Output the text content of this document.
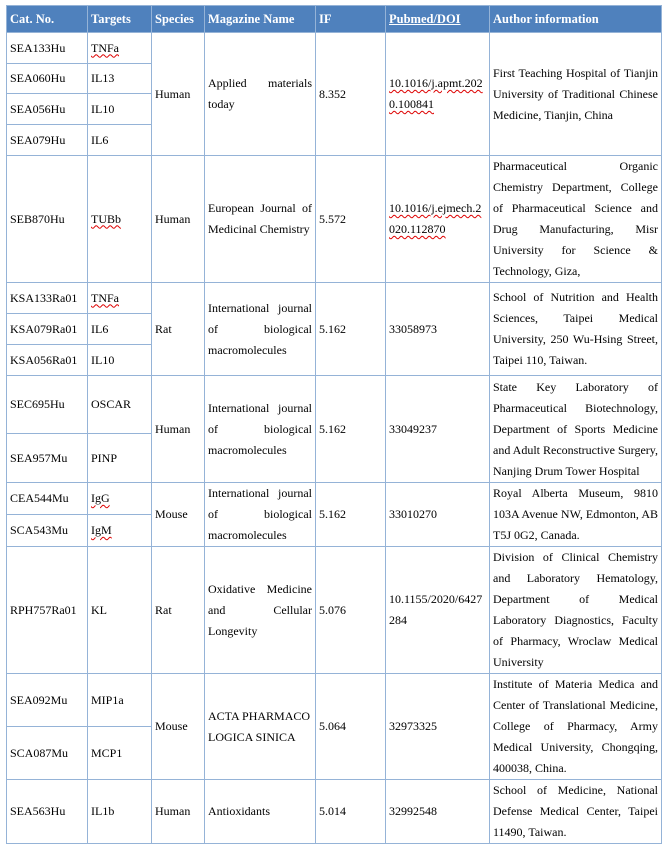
Cat. No.	Targets	Species	Magazine Name	IF	Pubmed/DOI	Author information
SEA133Hu	TNFa	Human	Applied materials today	8.352	10.1016/j.apmt.2020.100841	First Teaching Hospital of Tianjin University of Traditional Chinese Medicine, Tianjin, China
SEA060Hu	IL13					
SEA056Hu	IL10					
SEA079Hu	IL6					
SEB870Hu	TUBb	Human	European Journal of Medicinal Chemistry	5.572	10.1016/j.ejmech.2020.112870	Pharmaceutical Organic Chemistry Department, College of Pharmaceutical Science and Drug Manufacturing, Misr University for Science & Technology, Giza,
KSA133Ra01	TNFa	Rat	International journal of biological macromolecules	5.162	33058973	School of Nutrition and Health Sciences, Taipei Medical University, 250 Wu-Hsing Street, Taipei 110, Taiwan.
KSA079Ra01	IL6					
KSA056Ra01	IL10					
SEC695Hu	OSCAR	Human	International journal of biological macromolecules	5.162	33049237	State Key Laboratory of Pharmaceutical Biotechnology, Department of Sports Medicine and Adult Reconstructive Surgery, Nanjing Drum Tower Hospital
SEA957Mu	PINP					
CEA544Mu	IgG	Mouse	International journal of biological macromolecules	5.162	33010270	Royal Alberta Museum, 9810 103A Avenue NW, Edmonton, AB T5J 0G2, Canada.
SCA543Mu	IgM					
RPH757Ra01	KL	Rat	Oxidative Medicine and Cellular Longevity	5.076	10.1155/2020/6427284	Division of Clinical Chemistry and Laboratory Hematology, Department of Medical Laboratory Diagnostics, Faculty of Pharmacy, Wroclaw Medical University
SEA092Mu	MIP1a	Mouse	ACTA PHARMACOLOGICA SINICA	5.064	32973325	Institute of Materia Medica and Center of Translational Medicine, College of Pharmacy, Army Medical University, Chongqing, 400038, China.
SCA087Mu	MCP1					
SEA563Hu	IL1b	Human	Antioxidants	5.014	32992548	School of Medicine, National Defense Medical Center, Taipei 11490, Taiwan.
